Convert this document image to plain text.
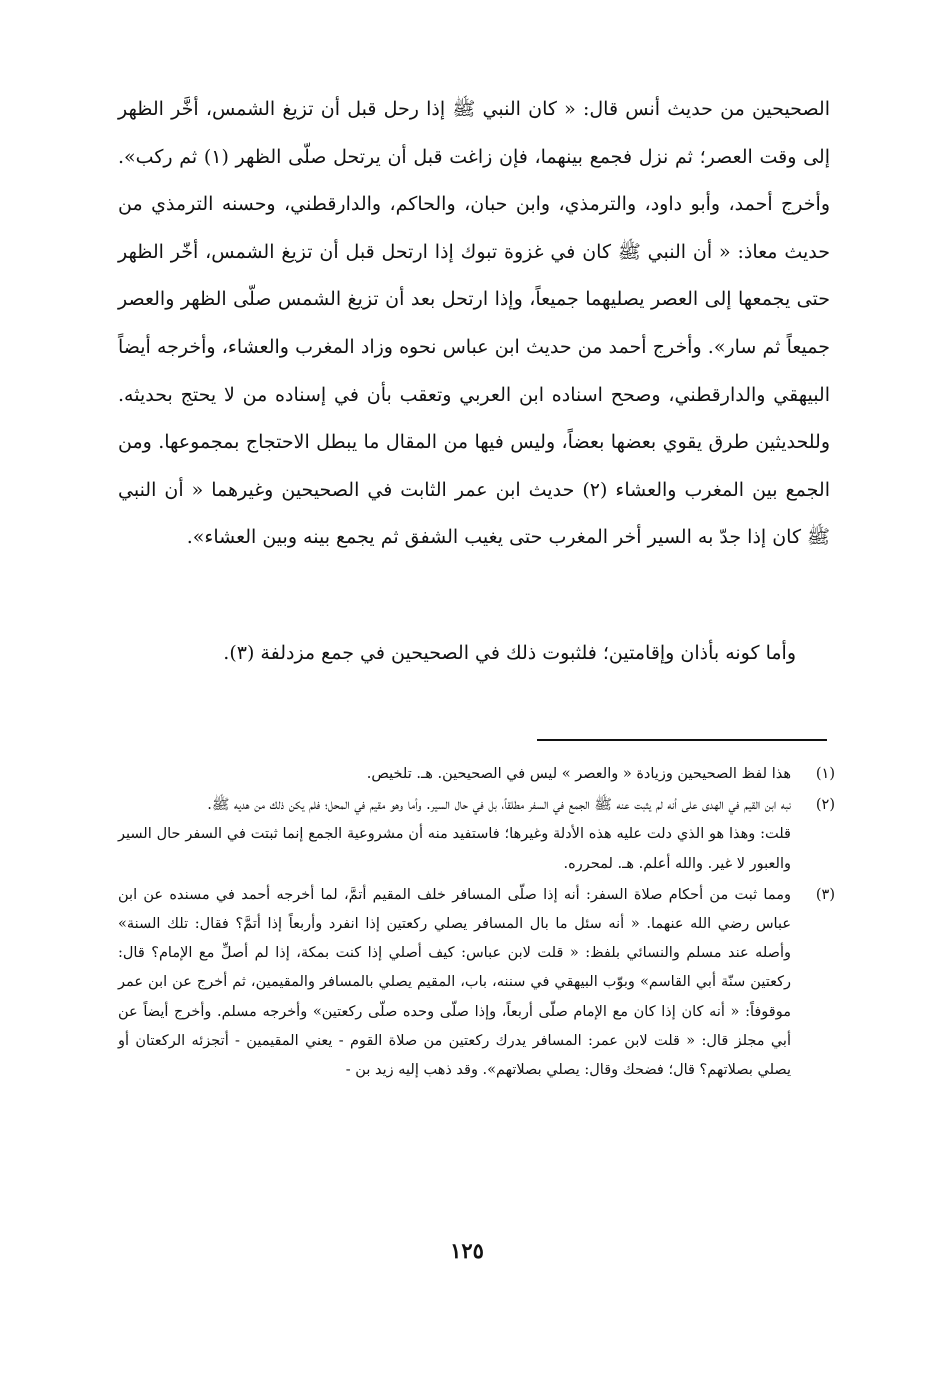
الصحيحين من حديث أنس قال: « كان النبي ﷺ إذا رحل قبل أن تزيغ الشمس، أخَّر الظهر إلى وقت العصر؛ ثم نزل فجمع بينهما، فإن زاغت قبل أن يرتحل صلّى الظهر (١) ثم ركب». وأخرج أحمد، وأبو داود، والترمذي، وابن حبان، والحاكم، والدارقطني، وحسنه الترمذي من حديث معاذ: « أن النبي ﷺ كان في غزوة تبوك إذا ارتحل قبل أن تزيغ الشمس، أخّر الظهر حتى يجمعها إلى العصر يصليهما جميعاً، وإذا ارتحل بعد أن تزيغ الشمس صلّى الظهر والعصر جميعاً ثم سار». وأخرج أحمد من حديث ابن عباس نحوه وزاد المغرب والعشاء، وأخرجه أيضاً البيهقي والدارقطني، وصحح اسناده ابن العربي وتعقب بأن في إسناده من لا يحتج بحديثه. وللحديثين طرق يقوي بعضها بعضاً، وليس فيها من المقال ما يبطل الاحتجاج بمجموعها. ومن الجمع بين المغرب والعشاء (٢) حديث ابن عمر الثابت في الصحيحين وغيرهما « أن النبي ﷺ كان إذا جدّ به السير أخر المغرب حتى يغيب الشفق ثم يجمع بينه وبين العشاء».

وأما كونه بأذان وإقامتين؛ فلثبوت ذلك في الصحيحين في جمع مزدلفة (٣).

(١)

هذا لفظ الصحيحين وزيادة « والعصر » ليس في الصحيحين. هـ. تلخيص.

(٢)

نبه ابن القيم في الهدى على أنه لم يثبت عنه ﷺ الجمع في السفر مطلقاً، بل في حال السير. وأما وهو مقيم في المحل؛ فلم يكن ذلك من هديه ﷺ.

قلت: وهذا هو الذي دلت عليه هذه الأدلة وغيرها؛ فاستفيد منه أن مشروعية الجمع إنما ثبتت في السفر حال السير والعبور لا غير. والله أعلم. هـ. لمحرره.

(٣)

ومما ثبت من أحكام صلاة السفر: أنه إذا صلّى المسافر خلف المقيم أتمَّ، لما أخرجه أحمد في مسنده عن ابن عباس رضي الله عنهما. « أنه سئل ما بال المسافر يصلي ركعتين إذا انفرد وأربعاً إذا أتمَّ؟ فقال: تلك السنة» وأصله عند مسلم والنسائي بلفظ: « قلت لابن عباس: كيف أصلي إذا كنت بمكة، إذا لم أصلِّ مع الإمام؟ قال: ركعتين سنّة أبي القاسم» وبوّب البيهقي في سننه، باب، المقيم يصلي بالمسافر والمقيمين، ثم أخرج عن ابن عمر موقوفاً: « أنه كان إذا كان مع الإمام صلّى أربعاً، وإذا صلّى وحده صلّى ركعتين» وأخرجه مسلم. وأخرج أيضاً عن أبي مجلز قال: « قلت لابن عمر: المسافر يدرك ركعتين من صلاة القوم - يعني المقيمين - أتجزئه الركعتان أو يصلي بصلاتهم؟ قال؛ فضحك وقال: يصلي بصلاتهم». وقد ذهب إليه زيد بن -

١٢٥
